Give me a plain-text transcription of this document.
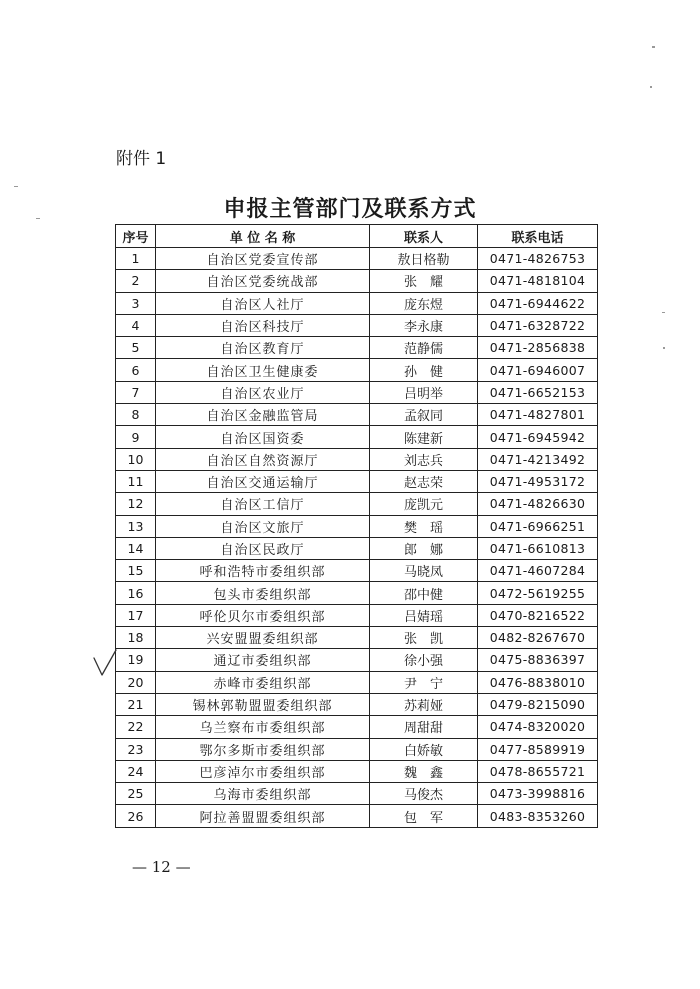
附件 1
申报主管部门及联系方式
序号	单 位 名 称	联系人	联系电话
1	自治区党委宣传部	敖日格勒	0471-4826753
2	自治区党委统战部	张　耀	0471-4818104
3	自治区人社厅	庞东煜	0471-6944622
4	自治区科技厅	李永康	0471-6328722
5	自治区教育厅	范静儒	0471-2856838
6	自治区卫生健康委	孙　健	0471-6946007
7	自治区农业厅	吕明举	0471-6652153
8	自治区金融监管局	孟叙同	0471-4827801
9	自治区国资委	陈建新	0471-6945942
10	自治区自然资源厅	刘志兵	0471-4213492
11	自治区交通运输厅	赵志荣	0471-4953172
12	自治区工信厅	庞凯元	0471-4826630
13	自治区文旅厅	樊　瑶	0471-6966251
14	自治区民政厅	郎　娜	0471-6610813
15	呼和浩特市委组织部	马晓凤	0471-4607284
16	包头市委组织部	邵中健	0472-5619255
17	呼伦贝尔市委组织部	吕婧瑶	0470-8216522
18	兴安盟盟委组织部	张　凯	0482-8267670
19	通辽市委组织部	徐小强	0475-8836397
20	赤峰市委组织部	尹　宁	0476-8838010
21	锡林郭勒盟盟委组织部	苏莉娅	0479-8215090
22	乌兰察布市委组织部	周甜甜	0474-8320020
23	鄂尔多斯市委组织部	白娇敏	0477-8589919
24	巴彦淖尔市委组织部	魏　鑫	0478-8655721
25	乌海市委组织部	马俊杰	0473-3998816
26	阿拉善盟盟委组织部	包　军	0483-8353260
— 12 —
